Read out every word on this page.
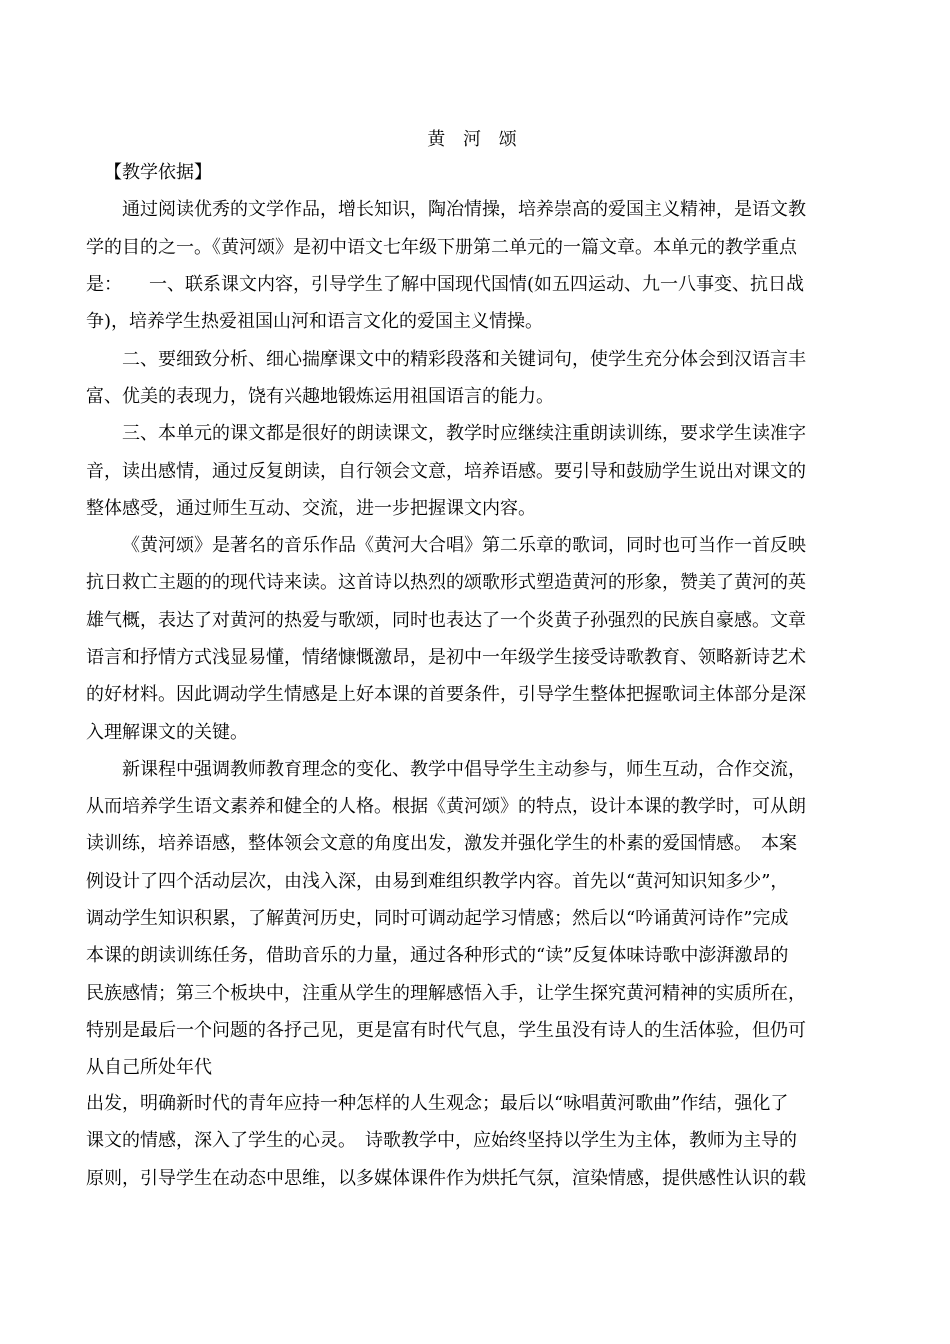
黄 河 颂
【教学依据】
通过阅读优秀的文学作品，增长知识，陶冶情操，培养崇高的爱国主义精神，是语文教
学的目的之一。《黄河颂》是初中语文七年级下册第二单元的一篇文章。本单元的教学重点
是：　　一、联系课文内容，引导学生了解中国现代国情(如五四运动、九一八事变、抗日战
争)，培养学生热爱祖国山河和语言文化的爱国主义情操。
二、要细致分析、细心揣摩课文中的精彩段落和关键词句，使学生充分体会到汉语言丰
富、优美的表现力，饶有兴趣地锻炼运用祖国语言的能力。
三、本单元的课文都是很好的朗读课文，教学时应继续注重朗读训练，要求学生读准字
音，读出感情，通过反复朗读，自行领会文意，培养语感。要引导和鼓励学生说出对课文的
整体感受，通过师生互动、交流，进一步把握课文内容。
《黄河颂》是著名的音乐作品《黄河大合唱》第二乐章的歌词，同时也可当作一首反映
抗日救亡主题的的现代诗来读。这首诗以热烈的颂歌形式塑造黄河的形象，赞美了黄河的英
雄气概，表达了对黄河的热爱与歌颂，同时也表达了一个炎黄子孙强烈的民族自豪感。文章
语言和抒情方式浅显易懂，情绪慷慨激昂，是初中一年级学生接受诗歌教育、领略新诗艺术
的好材料。因此调动学生情感是上好本课的首要条件，引导学生整体把握歌词主体部分是深
入理解课文的关键。
新课程中强调教师教育理念的变化、教学中倡导学生主动参与，师生互动，合作交流，
从而培养学生语文素养和健全的人格。根据《黄河颂》的特点，设计本课的教学时，可从朗
读训练，培养语感，整体领会文意的角度出发，激发并强化学生的朴素的爱国情感。　本案
例设计了四个活动层次，由浅入深，由易到难组织教学内容。首先以“黄河知识知多少”，
调动学生知识积累，了解黄河历史，同时可调动起学习情感；然后以“吟诵黄河诗作”完成
本课的朗读训练任务，借助音乐的力量，通过各种形式的“读”反复体味诗歌中澎湃激昂的
民族感情；第三个板块中，注重从学生的理解感悟入手，让学生探究黄河精神的实质所在，
特别是最后一个问题的各抒己见，更是富有时代气息，学生虽没有诗人的生活体验，但仍可
从自己所处年代
出发，明确新时代的青年应持一种怎样的人生观念；最后以“咏唱黄河歌曲”作结，强化了
课文的情感，深入了学生的心灵。　诗歌教学中，应始终坚持以学生为主体，教师为主导的
原则，引导学生在动态中思维，以多媒体课件作为烘托气氛，渲染情感，提供感性认识的载
